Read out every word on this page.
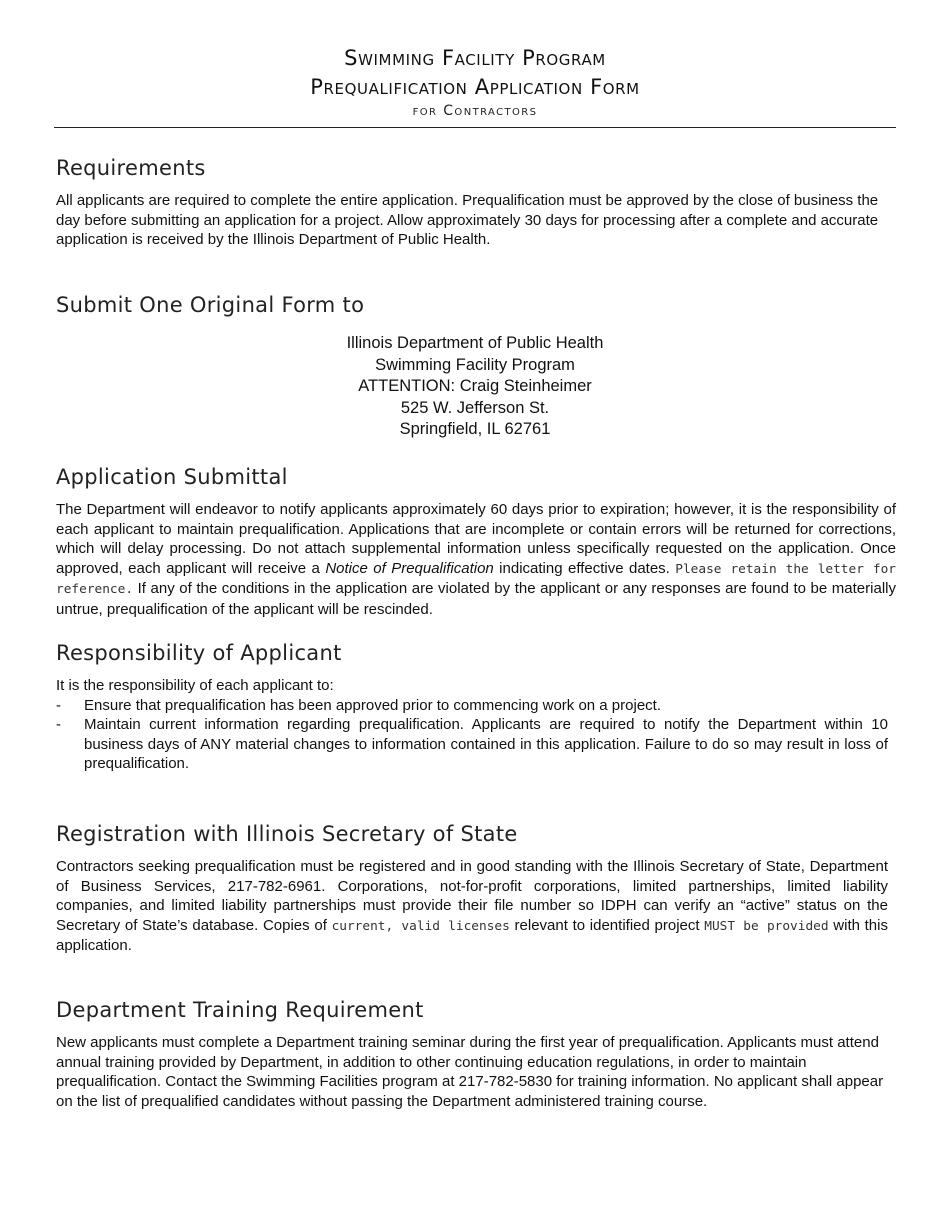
Swimming Facility Program
Prequalification Application Form
for Contractors
Requirements

All applicants are required to complete the entire application. Prequalification must be approved by the close of business the day before submitting an application for a project. Allow approximately 30 days for processing after a complete and accurate application is received by the Illinois Department of Public Health.

Submit One Original Form to
Illinois Department of Public Health
Swimming Facility Program
ATTENTION: Craig Steinheimer
525 W. Jefferson St.
Springfield, IL 62761
Application Submittal

The Department will endeavor to notify applicants approximately 60 days prior to expiration; however, it is the responsibility of each applicant to maintain prequalification. Applications that are incomplete or contain errors will be returned for corrections, which will delay processing. Do not attach supplemental information unless specifically requested on the application. Once approved, each applicant will receive a Notice of Prequalification indicating effective dates. Please retain the letter for reference. If any of the conditions in the application are violated by the applicant or any responses are found to be materially untrue, prequalification of the applicant will be rescinded.

Responsibility of Applicant

It is the responsibility of each applicant to:

- Ensure that prequalification has been approved prior to commencing work on a project.
- Maintain current information regarding prequalification. Applicants are required to notify the Department within 10 business days of ANY material changes to information contained in this application. Failure to do so may result in loss of prequalification.
Registration with Illinois Secretary of State

Contractors seeking prequalification must be registered and in good standing with the Illinois Secretary of State, Department of Business Services, 217-782-6961. Corporations, not-for-profit corporations, limited partnerships, limited liability companies, and limited liability partnerships must provide their file number so IDPH can verify an “active” status on the Secretary of State’s database. Copies of current, valid licenses relevant to identified project MUST be provided with this application.

Department Training Requirement

New applicants must complete a Department training seminar during the first year of prequalification. Applicants must attend annual training provided by Department, in addition to other continuing education regulations, in order to maintain prequalification. Contact the Swimming Facilities program at 217-782-5830 for training information. No applicant shall appear on the list of prequalified candidates without passing the Department administered training course.
